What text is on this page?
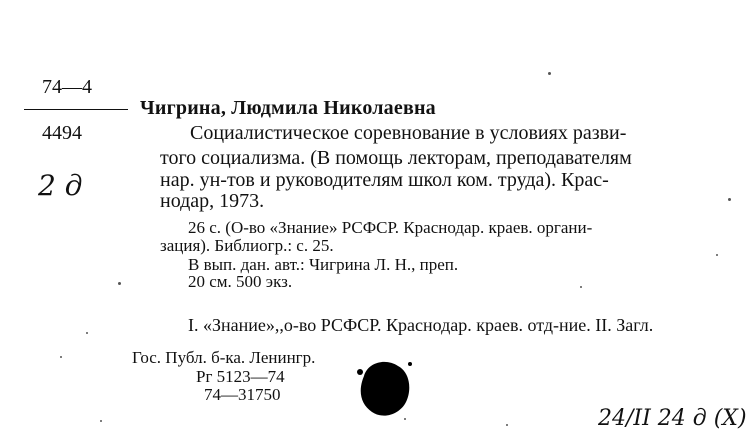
74—4
4494
2 д
Чигрина, Людмила Николаевна
Социалистическое соревнование в условиях разви-
того социализма. (В помощь лекторам, преподавателям
нар. ун-тов и руководителям школ ком. труда). Крас-
нодар, 1973.
26 с. (О-во «Знание» РСФСР. Краснодар. краев. органи-
зация). Библиогр.: с. 25.
В вып. дан. авт.: Чигрина Л. Н., преп.
20 см. 500 экз.
I. «Знание»,,о-во РСФСР. Краснодар. краев. отд-ние. II. Загл.
Гос. Публ. б-ка. Ленингр.
Рг 5123—74
74—31750
24/II 24 д (Х)
